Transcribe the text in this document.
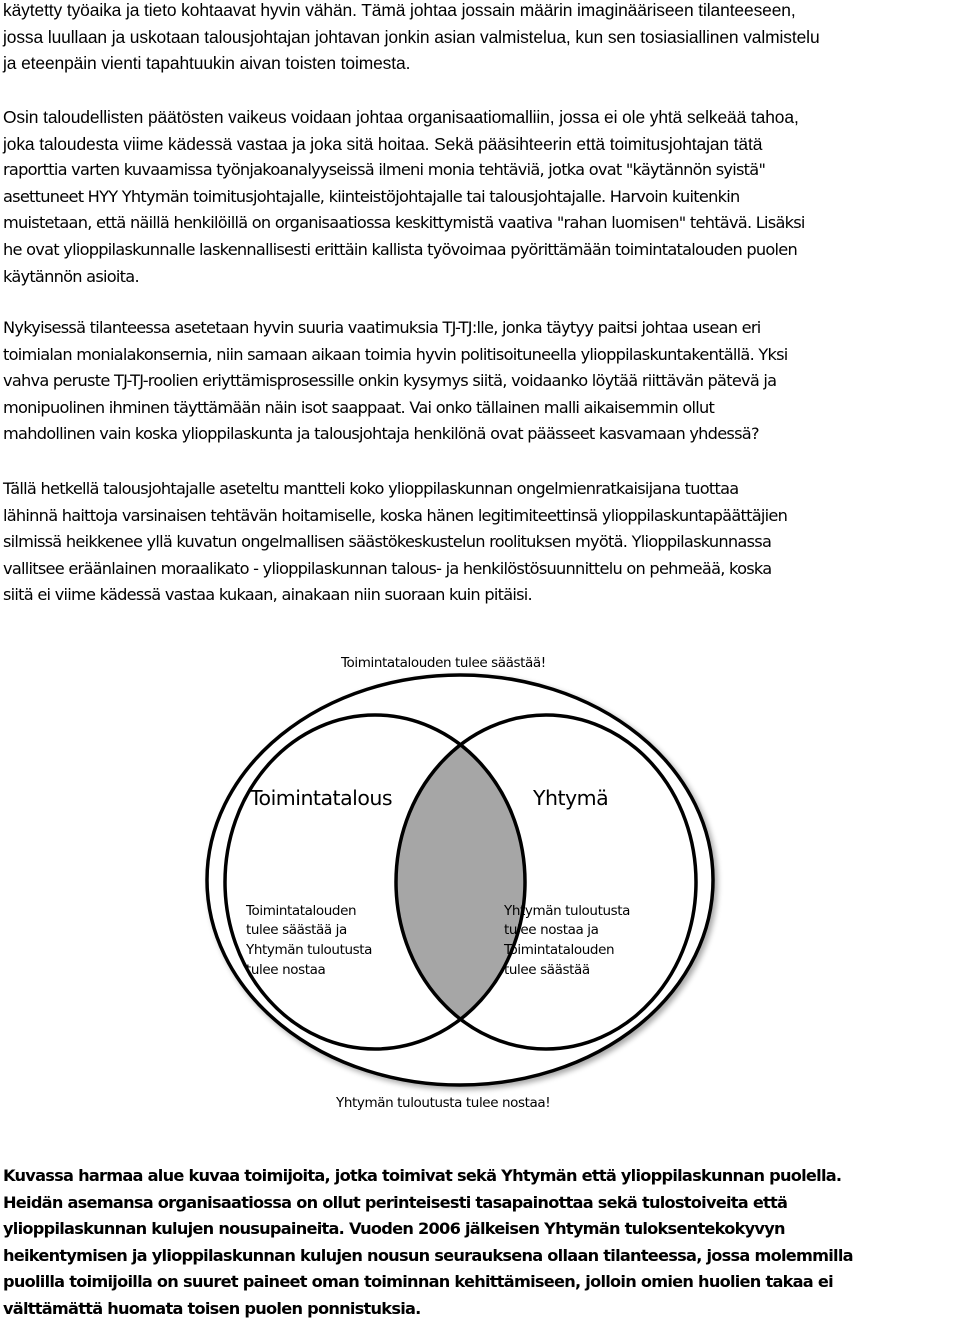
käytetty työaika ja tieto kohtaavat hyvin vähän. Tämä johtaa jossain määrin imaginääriseen tilanteeseen,
jossa luullaan ja uskotaan talousjohtajan johtavan jonkin asian valmistelua, kun sen tosiasiallinen valmistelu
ja eteenpäin vienti tapahtuukin aivan toisten toimesta.
Osin taloudellisten päätösten vaikeus voidaan johtaa organisaatiomalliin, jossa ei ole yhtä selkeää tahoa,
joka taloudesta viime kädessä vastaa ja joka sitä hoitaa. Sekä pääsihteerin että toimitusjohtajan tätä
raporttia varten kuvaamissa työnjakoanalyyseissä ilmeni monia tehtäviä, jotka ovat "käytännön syistä"
asettuneet HYY Yhtymän toimitusjohtajalle, kiinteistöjohtajalle tai talousjohtajalle. Harvoin kuitenkin
muistetaan, että näillä henkilöillä on organisaatiossa keskittymistä vaativa "rahan luomisen" tehtävä. Lisäksi
he ovat ylioppilaskunnalle laskennallisesti erittäin kallista työvoimaa pyörittämään toimintatalouden puolen
käytännön asioita.
Nykyisessä tilanteessa asetetaan hyvin suuria vaatimuksia TJ-TJ:lle, jonka täytyy paitsi johtaa usean eri
toimialan monialakonsernia, niin samaan aikaan toimia hyvin politisoituneella ylioppilaskuntakentällä. Yksi
vahva peruste TJ-TJ-roolien eriyttämisprosessille onkin kysymys siitä, voidaanko löytää riittävän pätevä ja
monipuolinen ihminen täyttämään näin isot saappaat. Vai onko tällainen malli aikaisemmin ollut
mahdollinen vain koska ylioppilaskunta ja talousjohtaja henkilönä ovat päässeet kasvamaan yhdessä?
Tällä hetkellä talousjohtajalle aseteltu mantteli koko ylioppilaskunnan ongelmienratkaisijana tuottaa
lähinnä haittoja varsinaisen tehtävän hoitamiselle, koska hänen legitimiteettinsä ylioppilaskuntapäättäjien
silmissä heikkenee yllä kuvatun ongelmallisen säästökeskustelun roolituksen myötä. Ylioppilaskunnassa
vallitsee eräänlainen moraalikato - ylioppilaskunnan talous- ja henkilöstösuunnittelu on pehmeää, koska
siitä ei viime kädessä vastaa kukaan, ainakaan niin suoraan kuin pitäisi.
Toimintatalouden tulee säästää!
Toimintatalous	Yhtymä
Toimintatalouden
tulee säästää ja
Yhtymän tuloutusta
tulee nostaa
Yhtymän tuloutusta
tulee nostaa ja
Toimintatalouden
tulee säästää
Yhtymän tuloutusta tulee nostaa!
Kuvassa harmaa alue kuvaa toimijoita, jotka toimivat sekä Yhtymän että ylioppilaskunnan puolella.
Heidän asemansa organisaatiossa on ollut perinteisesti tasapainottaa sekä tulostoiveita että
ylioppilaskunnan kulujen nousupaineita. Vuoden 2006 jälkeisen Yhtymän tuloksentekokyvyn
heikentymisen ja ylioppilaskunnan kulujen nousun seurauksena ollaan tilanteessa, jossa molemmilla
puolilla toimijoilla on suuret paineet oman toiminnan kehittämiseen, jolloin omien huolien takaa ei
välttämättä huomata toisen puolen ponnistuksia.
